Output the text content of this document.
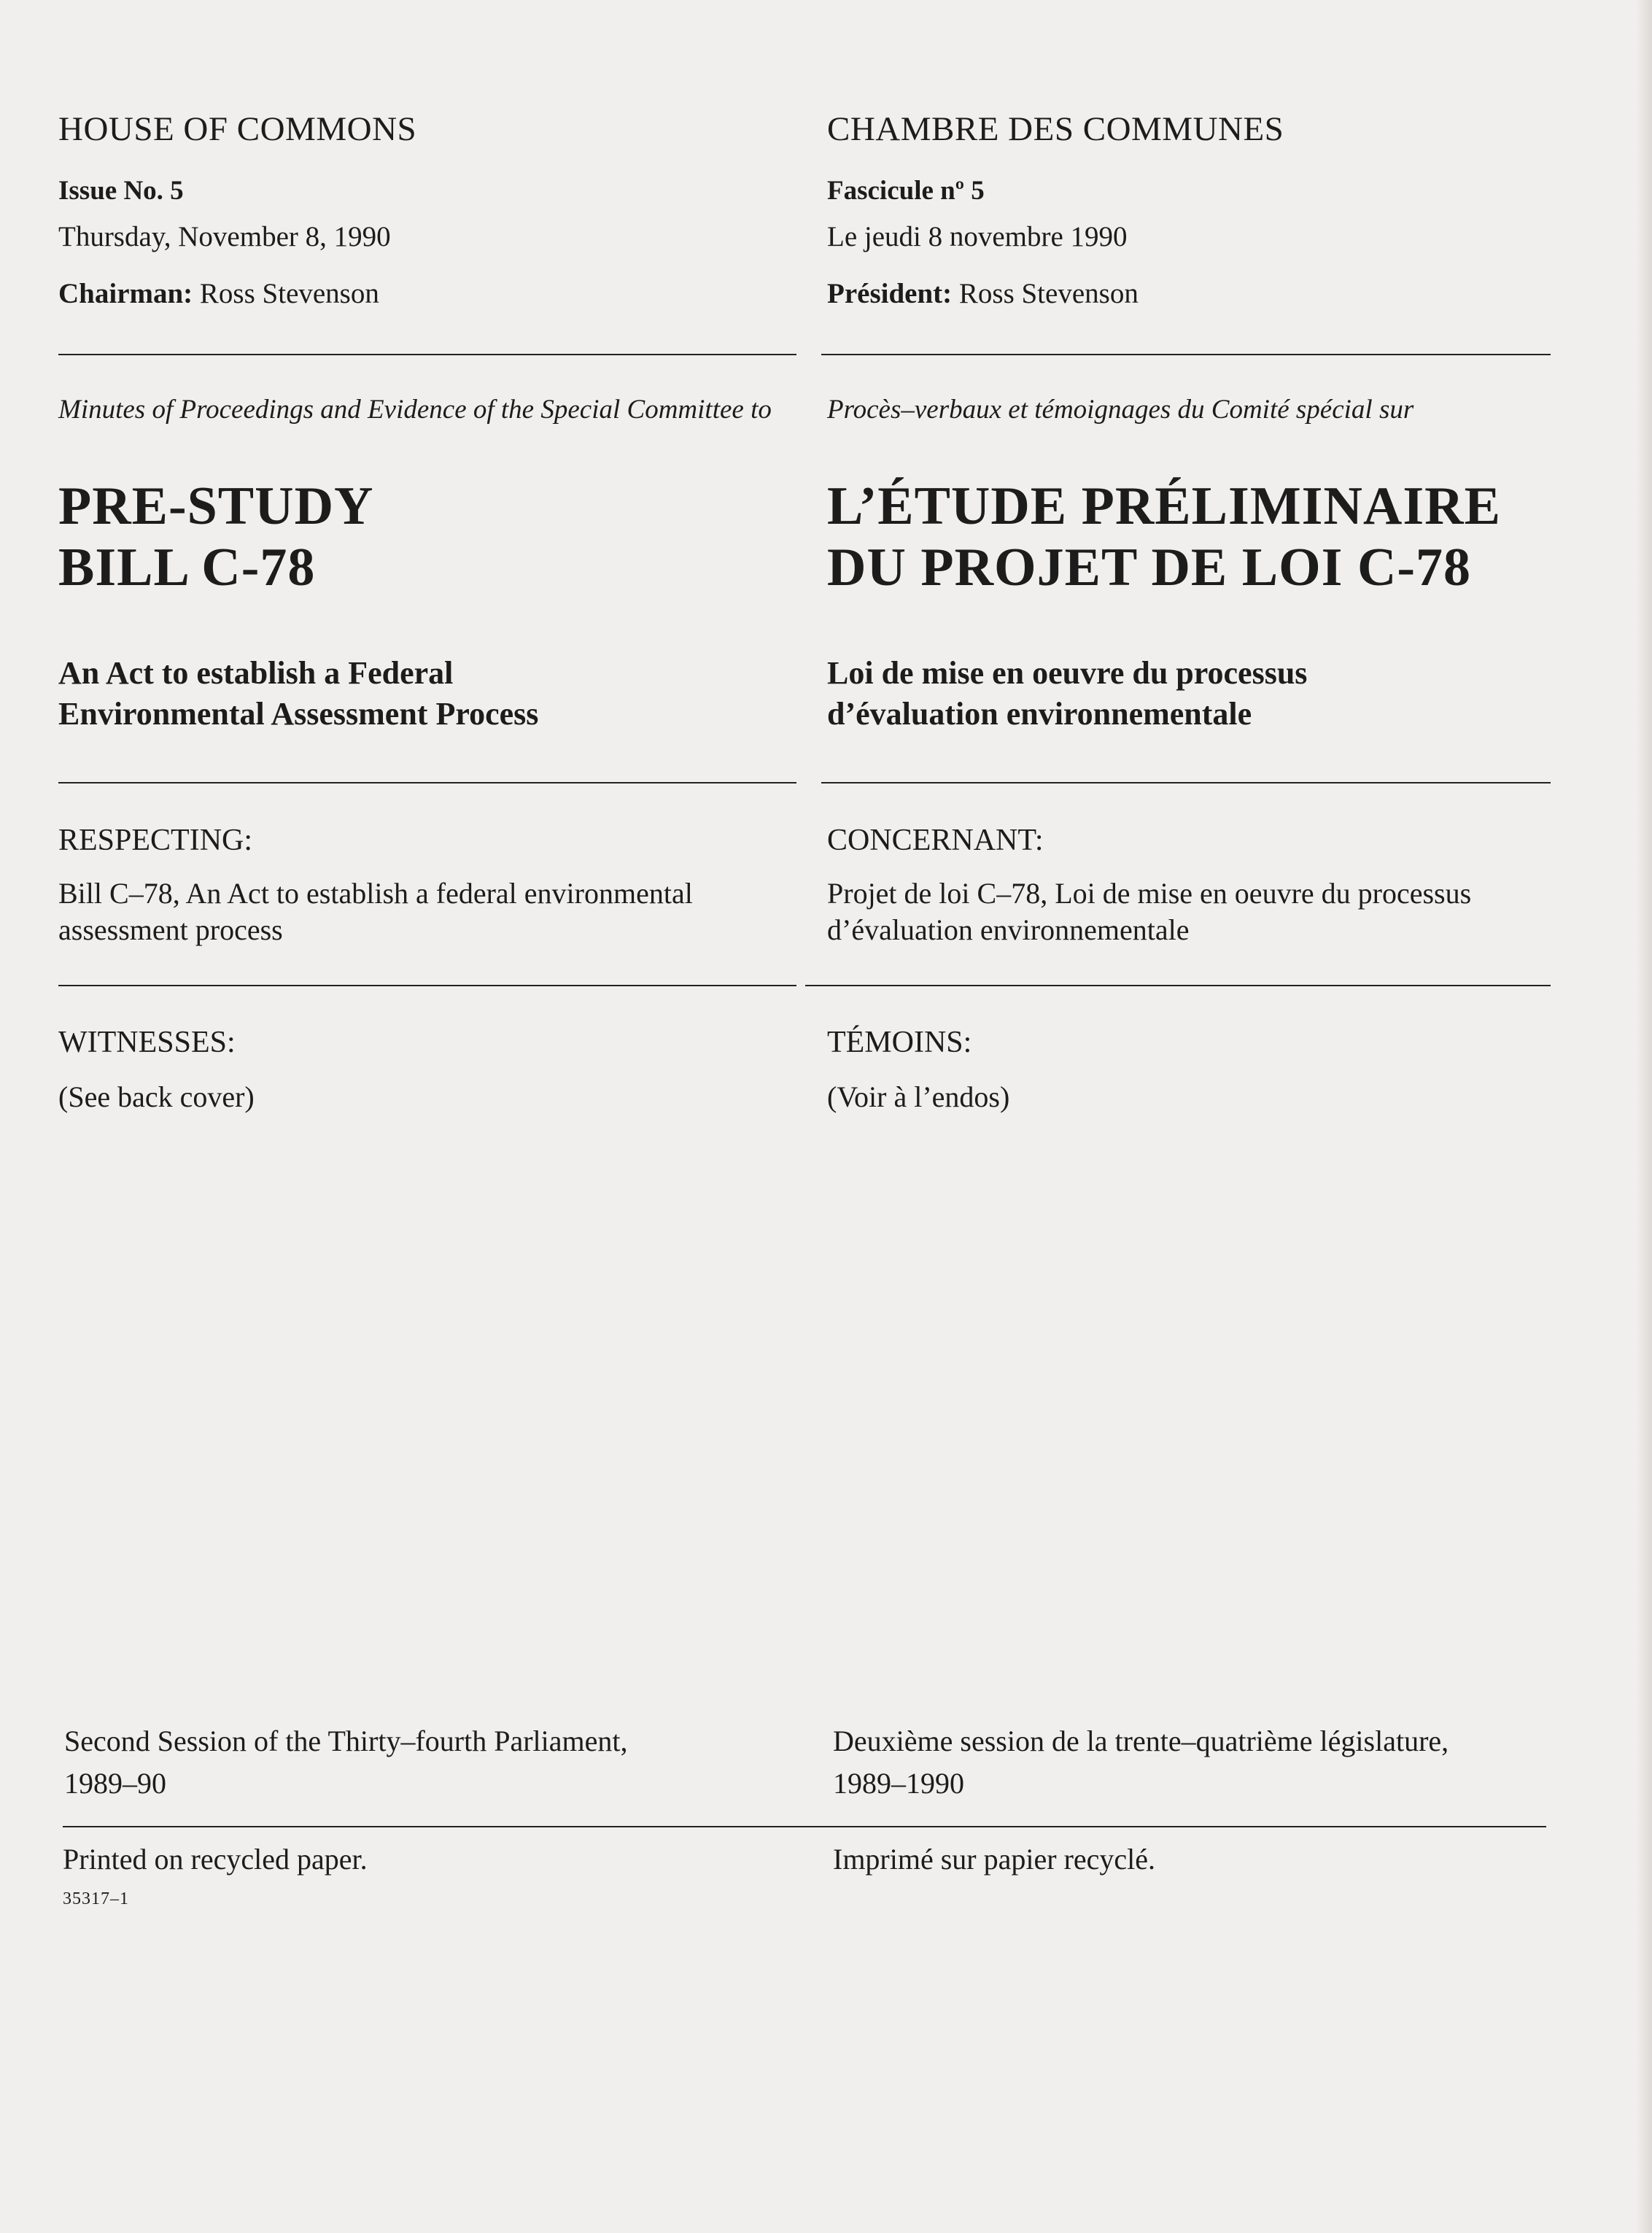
HOUSE OF COMMONS
Issue No. 5
Thursday, November 8, 1990
Chairman: Ross Stevenson
Minutes of Proceedings and Evidence of the Special Committee to
PRE-STUDY
BILL C-78
An Act to establish a Federal
Environmental Assessment Process
RESPECTING:
Bill C–78, An Act to establish a federal environmental assessment process
WITNESSES:
(See back cover)
Second Session of the Thirty–fourth Parliament,
1989–90
Printed on recycled paper.
35317–1
CHAMBRE DES COMMUNES
Fascicule nº 5
Le jeudi 8 novembre 1990
Président: Ross Stevenson
Procès–verbaux et témoignages du Comité spécial sur
L’ÉTUDE PRÉLIMINAIRE
DU PROJET DE LOI C-78
Loi de mise en oeuvre du processus
d’évaluation environnementale
CONCERNANT:
Projet de loi C–78, Loi de mise en oeuvre du processus d’évaluation environnementale
TÉMOINS:
(Voir à l’endos)
Deuxième session de la trente–quatrième législature,
1989–1990
Imprimé sur papier recyclé.
